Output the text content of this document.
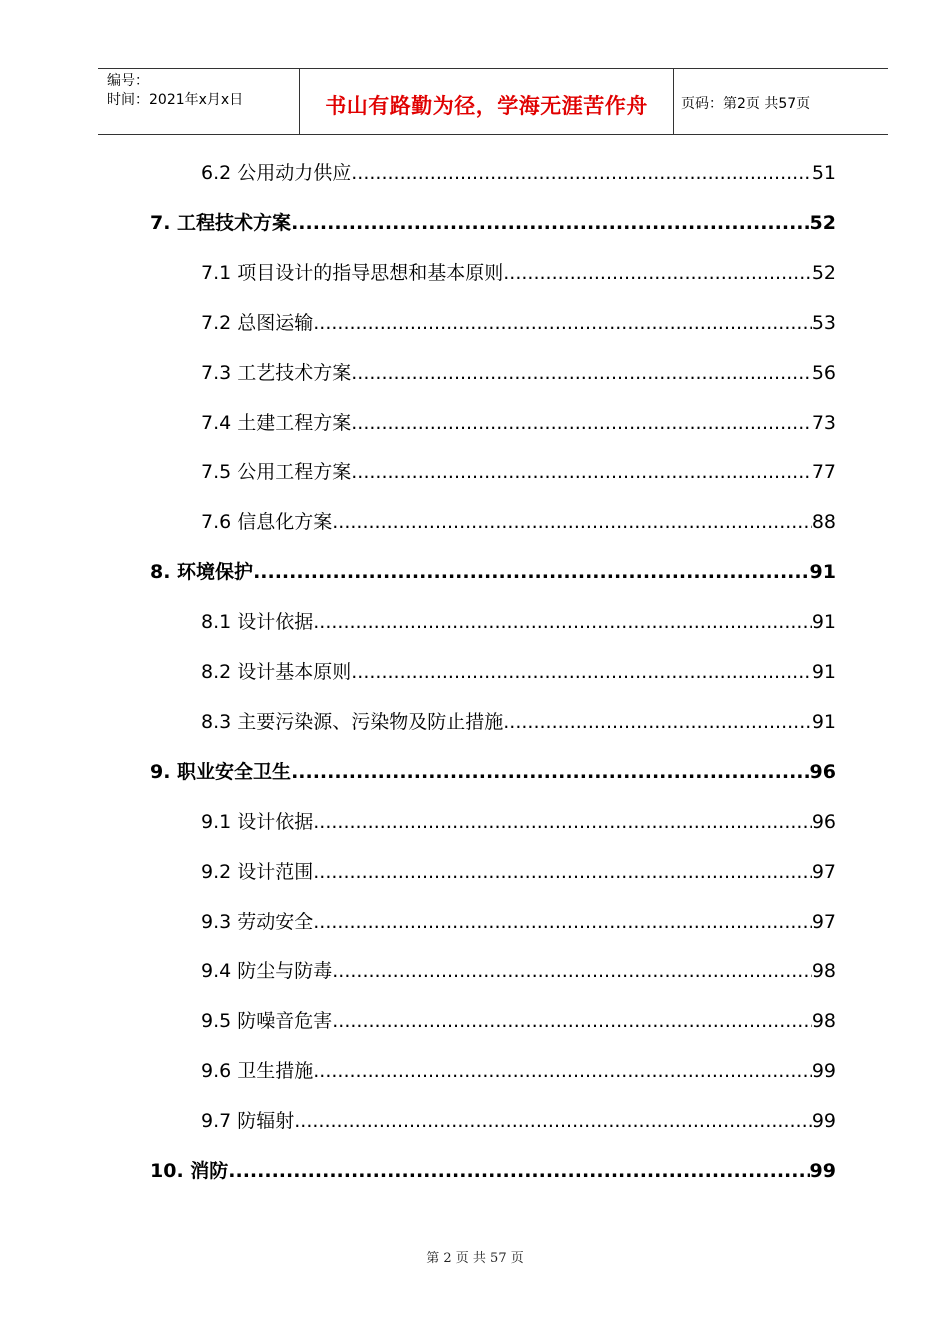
编号：
时间：2021年x月x日	书山有路勤为径，学海无涯苦作舟	页码：第2页 共57页
6.2 公用动力供应 .....	51
7. 工程技术方案 .....	52
7.1 项目设计的指导思想和基本原则 .....	52
7.2 总图运输 .....	53
7.3 工艺技术方案 .....	56
7.4 土建工程方案 .....	73
7.5 公用工程方案 .....	77
7.6 信息化方案 .....	88
8. 环境保护 .....	91
8.1 设计依据 .....	91
8.2 设计基本原则 .....	91
8.3 主要污染源、污染物及防止措施 .....	91
9. 职业安全卫生 .....	96
9.1 设计依据 .....	96
9.2 设计范围 .....	97
9.3 劳动安全 .....	97
9.4 防尘与防毒 .....	98
9.5 防噪音危害 .....	98
9.6 卫生措施 .....	99
9.7 防辐射 .....	99
10. 消防 .....	99
第 2 页 共 57 页
